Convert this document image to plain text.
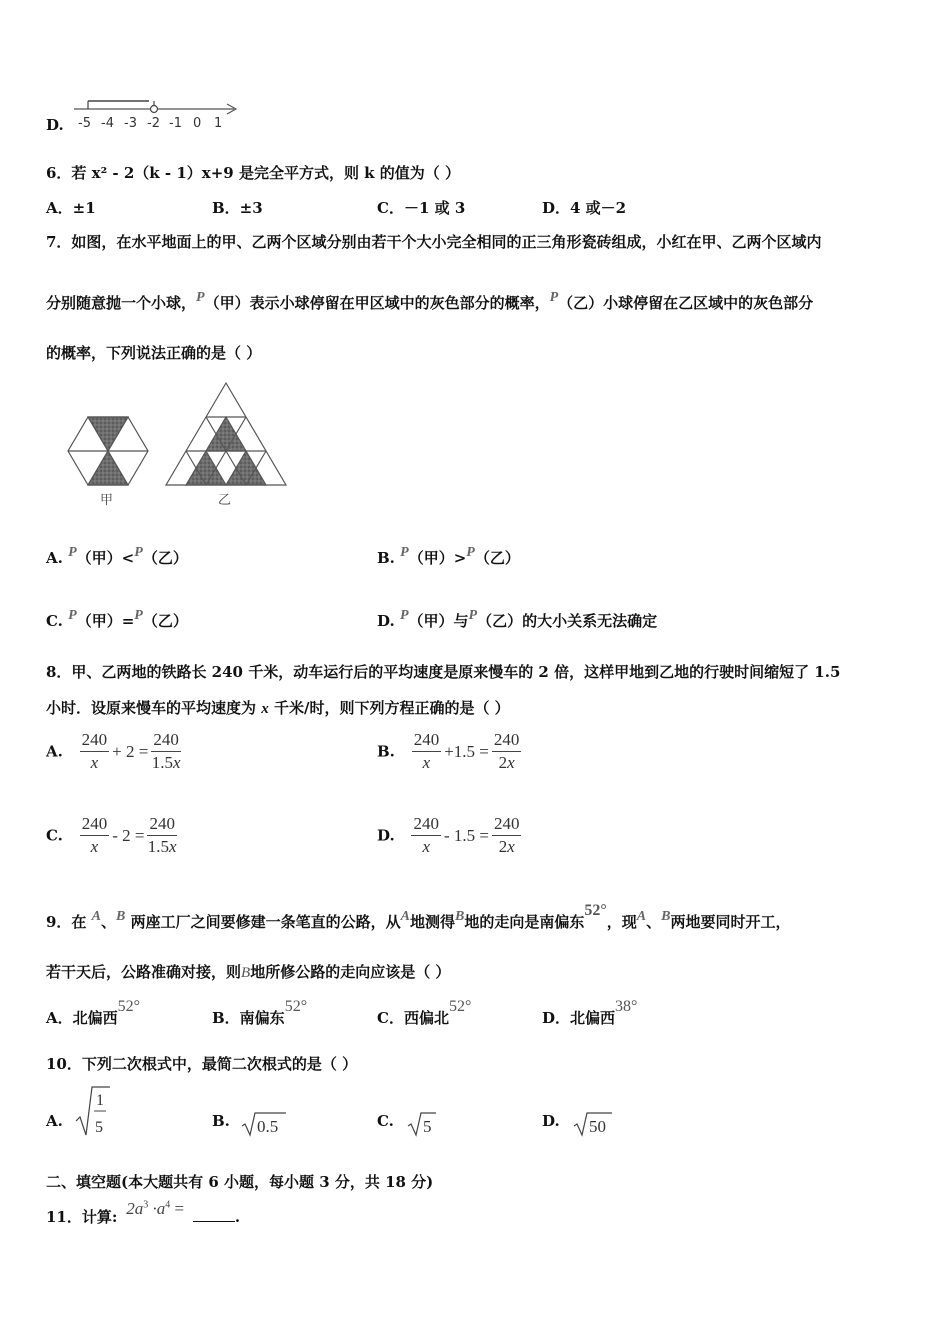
D. -5 -4 -3 -2 -1 0 1
6．若 x² - 2（k - 1）x+9 是完全平方式，则 k 的值为（ ）
A．±1	B．±3	C．－1 或 3	D．4 或－2
7．如图，在水平地面上的甲、乙两个区域分别由若干个大小完全相同的正三角形瓷砖组成，小红在甲、乙两个区域内
分别随意抛一个小球，P（甲）表示小球停留在甲区域中的灰色部分的概率，P（乙）小球停留在乙区域中的灰色部分
的概率，下列说法正确的是（ ）
甲	乙
A. P（甲）<P（乙）	B. P（甲）>P（乙）
C. P（甲）=P（乙）	D. P（甲）与P（乙）的大小关系无法确定
8．甲、乙两地的铁路长 240 千米，动车运行后的平均速度是原来慢车的 2 倍，这样甲地到乙地的行驶时间缩短了 1.5
小时．设原来慢车的平均速度为 x 千米/时，则下列方程正确的是（ ）
A. $\frac{240}{x} + 2 = \frac{240}{1.5x}$	B. $\frac{240}{x} +1.5 = \frac{240}{2x}$
C. $\frac{240}{x} - 2 = \frac{240}{1.5x}$	D. $\frac{240}{x} - 1.5 = \frac{240}{2x}$
9．在 A、B 两座工厂之间要修建一条笔直的公路，从A地测得B地的走向是南偏东52°，现A、B两地要同时开工，
若干天后，公路准确对接，则B地所修公路的走向应该是（ ）
A．北偏西52°
B．南偏东52°
C．西偏北52°
D．北偏西38°
10．下列二次根式中，最简二次根式的是（ ）
A.
1
5	B. 0.5	C. 5	D. 50
二、填空题(本大题共有 6 小题，每小题 3 分，共 18 分)
11．计算: $2a^3 \cdot a^4$ =	.
